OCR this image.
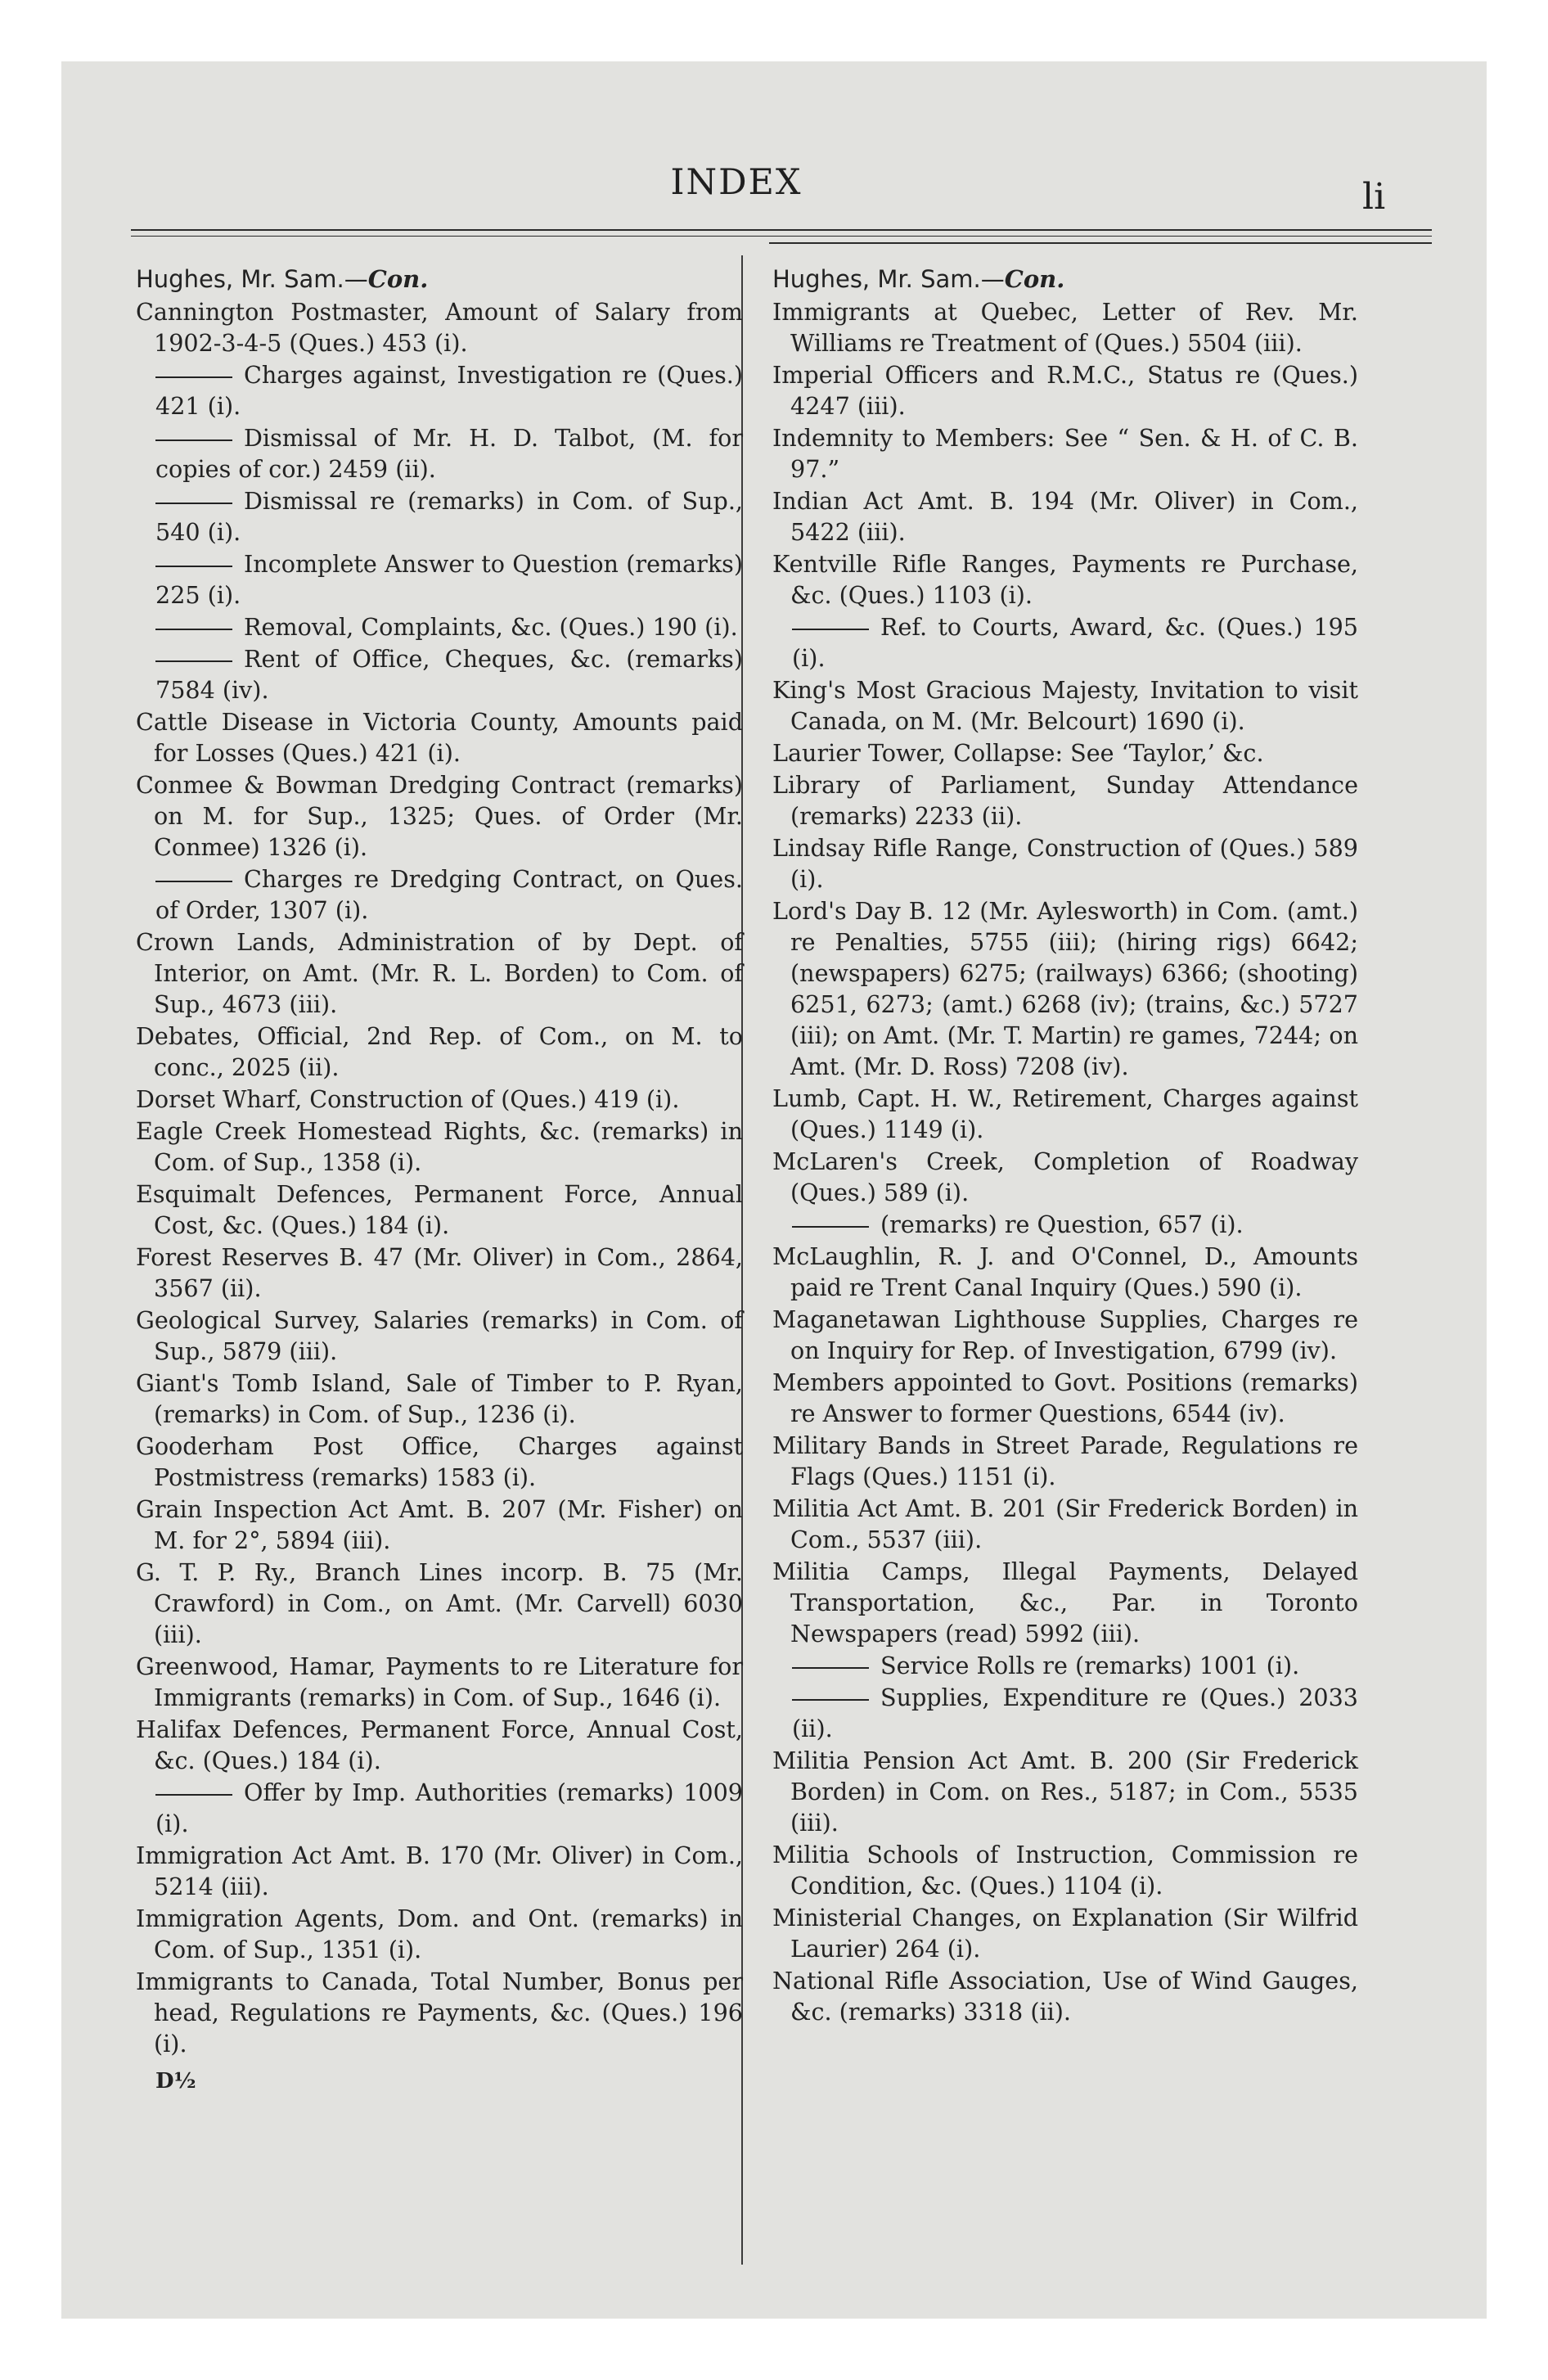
INDEX	li
Hughes, Mr. Sam.—Con.
Cannington Postmaster, Amount of Salary from 1902-3-4-5 (Ques.) 453 (i).
Charges against, Investigation re (Ques.) 421 (i).
Dismissal of Mr. H. D. Talbot, (M. for copies of cor.) 2459 (ii).
Dismissal re (remarks) in Com. of Sup., 540 (i).
Incomplete Answer to Question (remarks) 225 (i).
Removal, Complaints, &c. (Ques.) 190 (i).
Rent of Office, Cheques, &c. (remarks) 7584 (iv).
Cattle Disease in Victoria County, Amounts paid for Losses (Ques.) 421 (i).
Conmee & Bowman Dredging Contract (remarks) on M. for Sup., 1325; Ques. of Order (Mr. Conmee) 1326 (i).
Charges re Dredging Contract, on Ques. of Order, 1307 (i).
Crown Lands, Administration of by Dept. of Interior, on Amt. (Mr. R. L. Borden) to Com. of Sup., 4673 (iii).
Debates, Official, 2nd Rep. of Com., on M. to conc., 2025 (ii).
Dorset Wharf, Construction of (Ques.) 419 (i).
Eagle Creek Homestead Rights, &c. (remarks) in Com. of Sup., 1358 (i).
Esquimalt Defences, Permanent Force, Annual Cost, &c. (Ques.) 184 (i).
Forest Reserves B. 47 (Mr. Oliver) in Com., 2864, 3567 (ii).
Geological Survey, Salaries (remarks) in Com. of Sup., 5879 (iii).
Giant's Tomb Island, Sale of Timber to P. Ryan, (remarks) in Com. of Sup., 1236 (i).
Gooderham Post Office, Charges against Postmistress (remarks) 1583 (i).
Grain Inspection Act Amt. B. 207 (Mr. Fisher) on M. for 2°, 5894 (iii).
G. T. P. Ry., Branch Lines incorp. B. 75 (Mr. Crawford) in Com., on Amt. (Mr. Carvell) 6030 (iii).
Greenwood, Hamar, Payments to re Literature for Immigrants (remarks) in Com. of Sup., 1646 (i).
Halifax Defences, Permanent Force, Annual Cost, &c. (Ques.) 184 (i).
Offer by Imp. Authorities (remarks) 1009 (i).
Immigration Act Amt. B. 170 (Mr. Oliver) in Com., 5214 (iii).
Immigration Agents, Dom. and Ont. (remarks) in Com. of Sup., 1351 (i).
Immigrants to Canada, Total Number, Bonus per head, Regulations re Payments, &c. (Ques.) 196 (i).
D½
Hughes, Mr. Sam.—Con.
Immigrants at Quebec, Letter of Rev. Mr. Williams re Treatment of (Ques.) 5504 (iii).
Imperial Officers and R.M.C., Status re (Ques.) 4247 (iii).
Indemnity to Members: See “ Sen. & H. of C. B. 97.”
Indian Act Amt. B. 194 (Mr. Oliver) in Com., 5422 (iii).
Kentville Rifle Ranges, Payments re Purchase, &c. (Ques.) 1103 (i).
Ref. to Courts, Award, &c. (Ques.) 195 (i).
King's Most Gracious Majesty, Invitation to visit Canada, on M. (Mr. Belcourt) 1690 (i).
Laurier Tower, Collapse: See ‘Taylor,’ &c.
Library of Parliament, Sunday Attendance (remarks) 2233 (ii).
Lindsay Rifle Range, Construction of (Ques.) 589 (i).
Lord's Day B. 12 (Mr. Aylesworth) in Com. (amt.) re Penalties, 5755 (iii); (hiring rigs) 6642; (newspapers) 6275; (railways) 6366; (shooting) 6251, 6273; (amt.) 6268 (iv); (trains, &c.) 5727 (iii); on Amt. (Mr. T. Martin) re games, 7244; on Amt. (Mr. D. Ross) 7208 (iv).
Lumb, Capt. H. W., Retirement, Charges against (Ques.) 1149 (i).
McLaren's Creek, Completion of Roadway (Ques.) 589 (i).
(remarks) re Question, 657 (i).
McLaughlin, R. J. and O'Connel, D., Amounts paid re Trent Canal Inquiry (Ques.) 590 (i).
Maganetawan Lighthouse Supplies, Charges re on Inquiry for Rep. of Investigation, 6799 (iv).
Members appointed to Govt. Positions (remarks) re Answer to former Questions, 6544 (iv).
Military Bands in Street Parade, Regulations re Flags (Ques.) 1151 (i).
Militia Act Amt. B. 201 (Sir Frederick Borden) in Com., 5537 (iii).
Militia Camps, Illegal Payments, Delayed Transportation, &c., Par. in Toronto Newspapers (read) 5992 (iii).
Service Rolls re (remarks) 1001 (i).
Supplies, Expenditure re (Ques.) 2033 (ii).
Militia Pension Act Amt. B. 200 (Sir Frederick Borden) in Com. on Res., 5187; in Com., 5535 (iii).
Militia Schools of Instruction, Commission re Condition, &c. (Ques.) 1104 (i).
Ministerial Changes, on Explanation (Sir Wilfrid Laurier) 264 (i).
National Rifle Association, Use of Wind Gauges, &c. (remarks) 3318 (ii).
